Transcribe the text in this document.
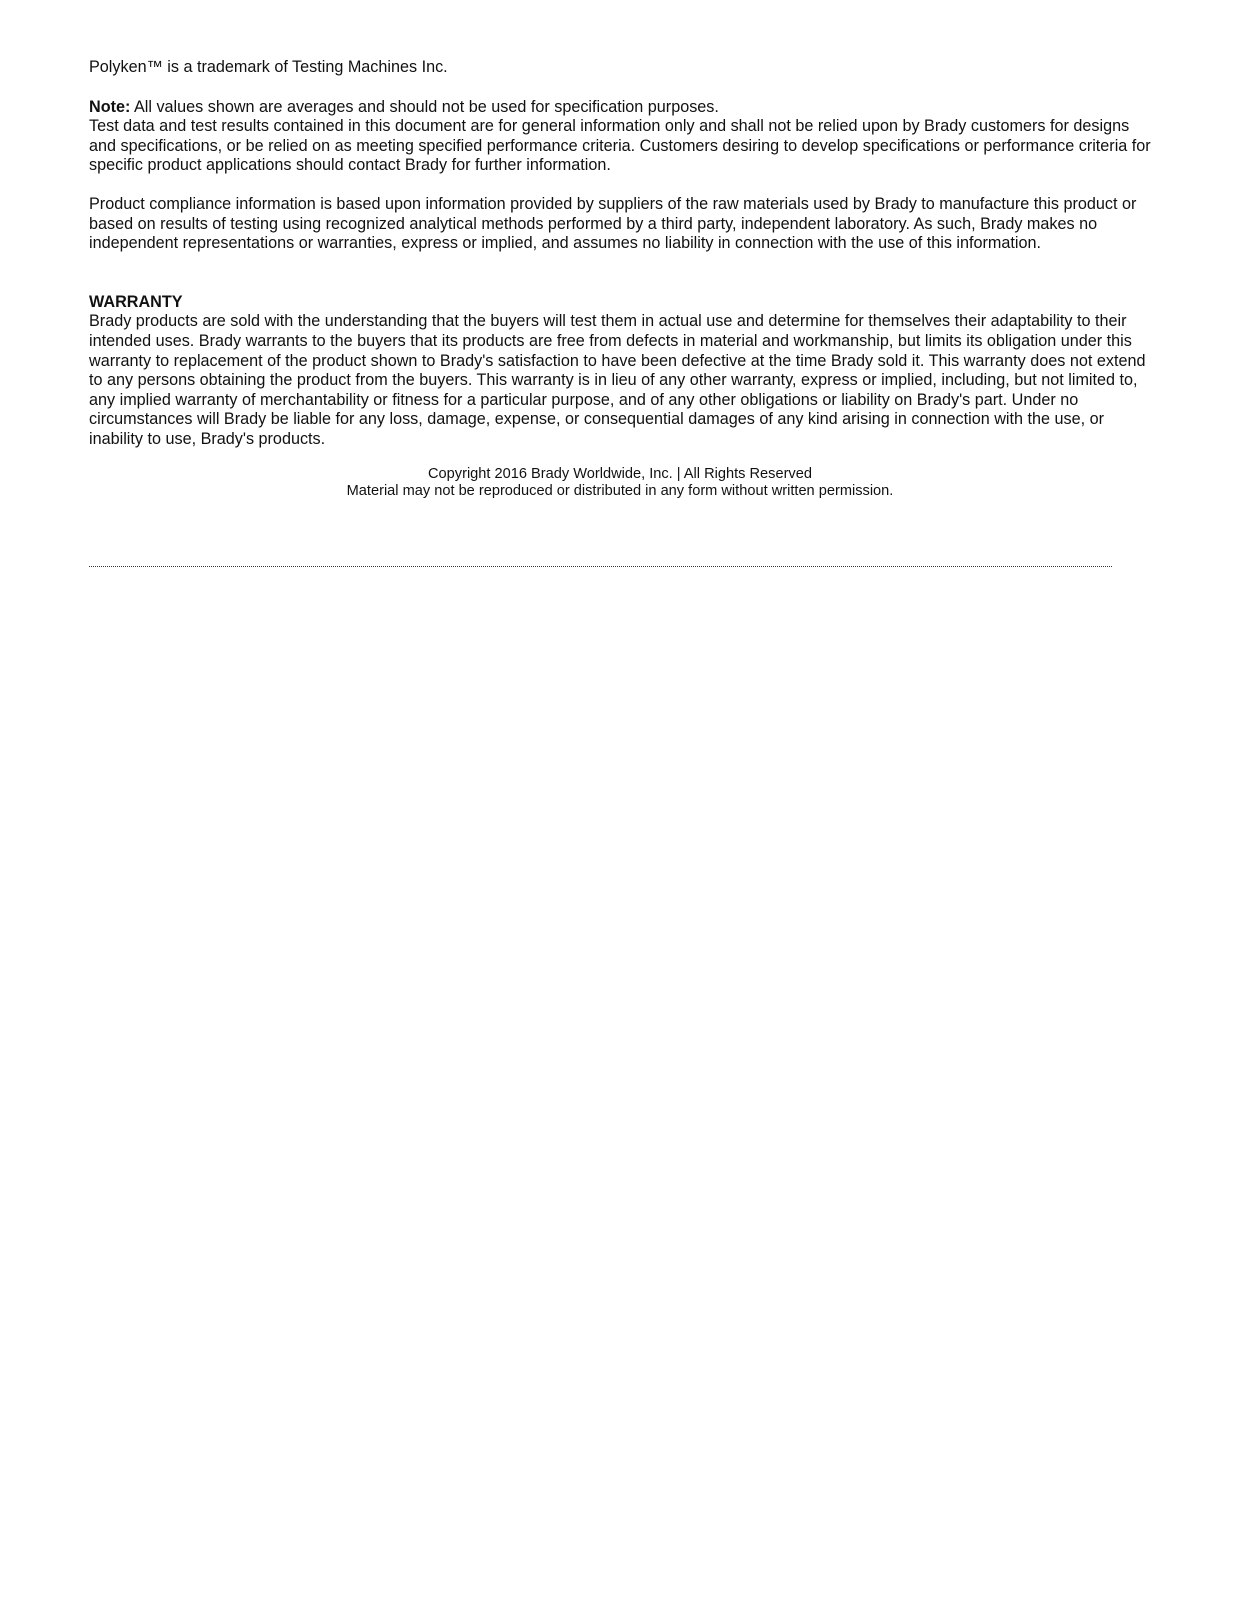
Polyken™ is a trademark of Testing Machines Inc.

Note: All values shown are averages and should not be used for specification purposes.

Test data and test results contained in this document are for general information only and shall not be relied upon by Brady customers for designs and specifications, or be relied on as meeting specified performance criteria. Customers desiring to develop specifications or performance criteria for specific product applications should contact Brady for further information.

Product compliance information is based upon information provided by suppliers of the raw materials used by Brady to manufacture this product or based on results of testing using recognized analytical methods performed by a third party, independent laboratory. As such, Brady makes no independent representations or warranties, express or implied, and assumes no liability in connection with the use of this information.

WARRANTY

Brady products are sold with the understanding that the buyers will test them in actual use and determine for themselves their adaptability to their intended uses. Brady warrants to the buyers that its products are free from defects in material and workmanship, but limits its obligation under this warranty to replacement of the product shown to Brady's satisfaction to have been defective at the time Brady sold it. This warranty does not extend to any persons obtaining the product from the buyers. This warranty is in lieu of any other warranty, express or implied, including, but not limited to, any implied warranty of merchantability or fitness for a particular purpose, and of any other obligations or liability on Brady's part. Under no circumstances will Brady be liable for any loss, damage, expense, or consequential damages of any kind arising in connection with the use, or inability to use, Brady's products.

Copyright 2016 Brady Worldwide, Inc. | All Rights Reserved
Material may not be reproduced or distributed in any form without written permission.
